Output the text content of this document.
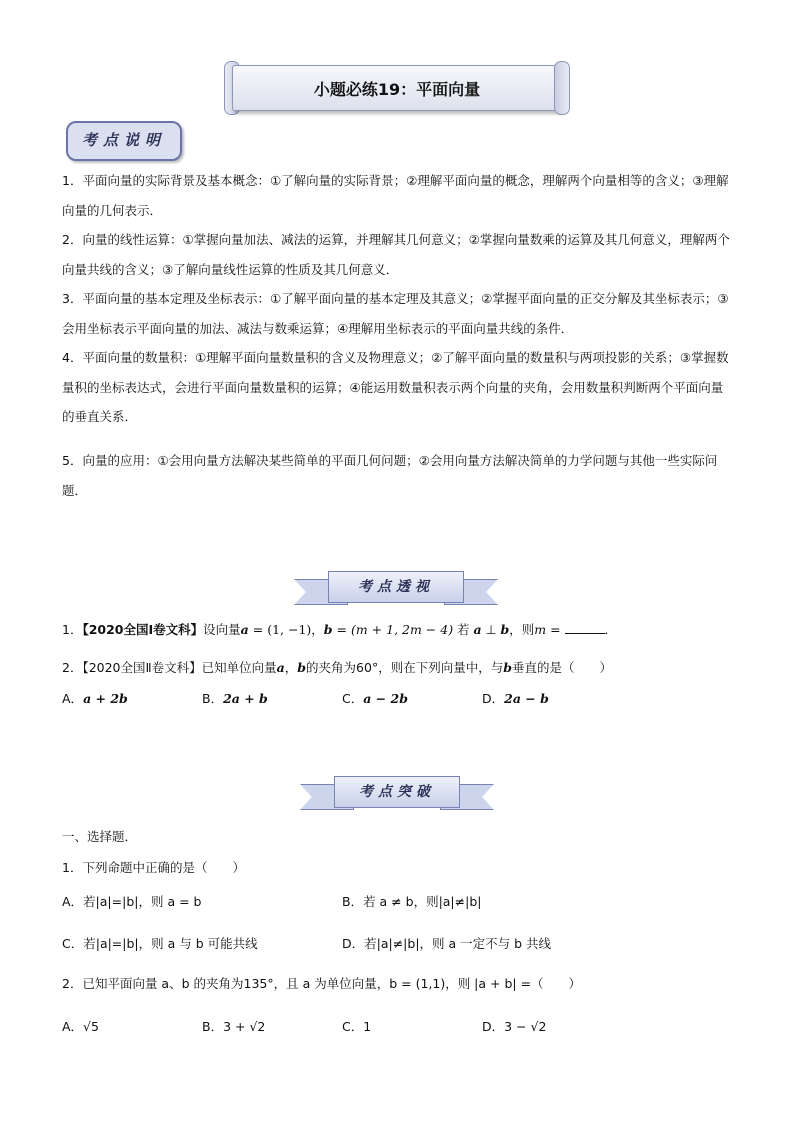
小题必练19：平面向量
考点说明
1．平面向量的实际背景及基本概念：①了解向量的实际背景；②理解平面向量的概念，理解两个向量相等的含义；③理解向量的几何表示．
2．向量的线性运算：①掌握向量加法、减法的运算，并理解其几何意义；②掌握向量数乘的运算及其几何意义，理解两个向量共线的含义；③了解向量线性运算的性质及其几何意义．
3．平面向量的基本定理及坐标表示：①了解平面向量的基本定理及其意义；②掌握平面向量的正交分解及其坐标表示；③会用坐标表示平面向量的加法、减法与数乘运算；④理解用坐标表示的平面向量共线的条件．
4．平面向量的数量积：①理解平面向量数量积的含义及物理意义；②了解平面向量的数量积与两项投影的关系；③掌握数量积的坐标表达式，会进行平面向量数量积的运算；④能运用数量积表示两个向量的夹角，会用数量积判断两个平面向量的垂直关系．
5．向量的应用：①会用向量方法解决某些简单的平面几何问题；②会用向量方法解决简单的力学问题与其他一些实际问题．
考点透视
1．【2020全国Ⅰ卷文科】设向量a = (1, −1)，b = (m + 1, 2m − 4) 若 a ⊥ b，则m =	．
2．【2020全国Ⅱ卷文科】已知单位向量a，b的夹角为60°，则在下列向量中，与b垂直的是（　　）
A．a + 2b	B．2a + b	C．a − 2b	D．2a − b
考点突破
一、选择题．
1．下列命题中正确的是（　　）
A．若|a|=|b|，则 a = b	B．若 a ≠ b，则|a|≠|b|
C．若|a|=|b|，则 a 与 b 可能共线	D．若|a|≠|b|，则 a 一定不与 b 共线
2．已知平面向量 a、b 的夹角为135°，且 a 为单位向量，b = (1,1)，则 |a + b| =（　　）
A．√5	B．3 + √2	C．1	D．3 − √2
